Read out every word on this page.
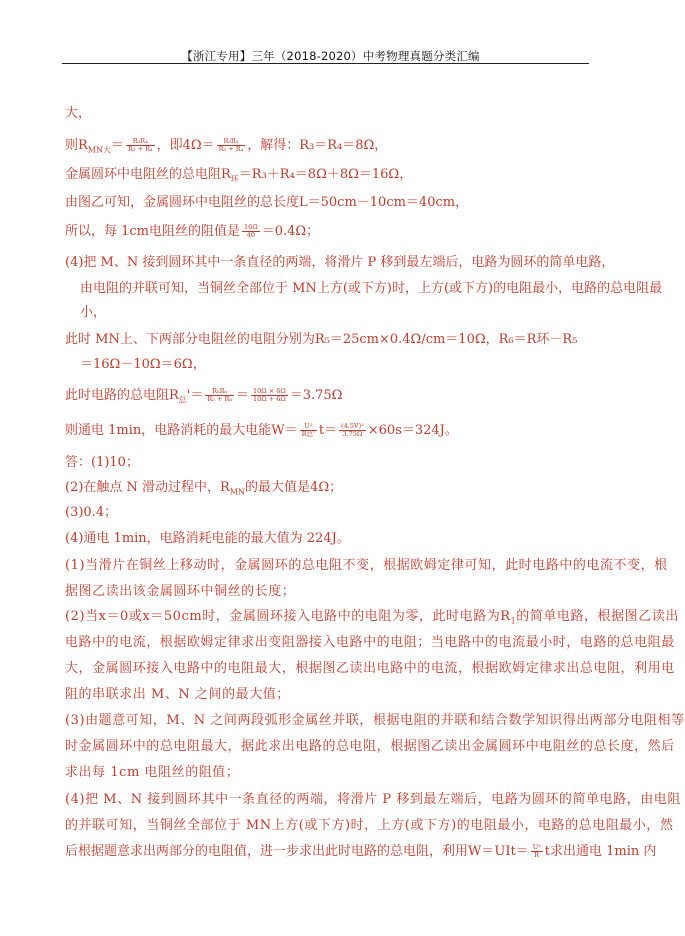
【浙江专用】三年（2018-2020）中考物理真题分类汇编
大，
则$R_{MN大}= \frac{\text{R₃R₄}}{\text{R₃ + R₄}}$ ，即$4\Omega= \frac{\text{R₃R₄}}{\text{R₃ + R₄}}$ ，解得：R₃＝R₄＝8Ω，
金属圆环中电阻丝的总电阻$R_环=R_3+R_4=8\Omega+8\Omega=16\Omega$，
由图乙可知，金属圆环中电阻丝的总长度L＝50cm－10cm＝40cm，
所以，每 1cm电阻丝的阻值是 $\frac{16\Omega}{40} =0.4\Omega$；
(4)把 M、N 接到圆环其中一条直径的两端，将滑片 P 移到最左端后，电路为圆环的简单电路，
由电阻的并联可知，当铜丝全部位于 MN上方(或下方)时，上方(或下方)的电阻最小，电路的总电阻最
小，
此时 MN上、下两部分电阻丝的电阻分别为R₅＝25cm×0.4Ω/cm＝10Ω，R₆＝R环－R₅
＝16Ω－10Ω＝6Ω，
此时电路的总电阻$R_总'= \frac{\text{R₅R₆}}{\text{R₅ + R₆}} = \frac{10\Omega \times 6\Omega}{10\Omega + 6\Omega} =3.75\Omega$
则通电 1min，电路消耗的最大电能$W= \frac{\text{U²}}{\text{R总'}} t= \frac{\text{(4.5V)²}}{3.75\Omega} \times 60s=324J$。
答：(1)10；
(2)在触点 N 滑动过程中，$R_{MN}$的最大值是4Ω；
(3)0.4；
(4)通电 1min，电路消耗电能的最大值为 224J。
(1)当滑片在铜丝上移动时，金属圆环的总电阻不变，根据欧姆定律可知，此时电路中的电流不变，根
据图乙读出该金属圆环中铜丝的长度；
(2)当x＝0或x＝50cm时，金属圆环接入电路中的电阻为零，此时电路为$R_1$的简单电路，根据图乙读出
电路中的电流，根据欧姆定律求出变阻器接入电路中的电阻；当电路中的电流最小时，电路的总电阻最
大，金属圆环接入电路中的电阻最大，根据图乙读出电路中的电流，根据欧姆定律求出总电阻，利用电
阻的串联求出 M、N 之间的最大值；
(3)由题意可知，M、N 之间两段弧形金属丝并联，根据电阻的并联和结合数学知识得出两部分电阻相等
时金属圆环中的总电阻最大，据此求出电路的总电阻，根据图乙读出金属圆环中电阻丝的总长度，然后
求出每 1cm 电阻丝的阻值；
(4)把 M、N 接到圆环其中一条直径的两端，将滑片 P 移到最左端后，电路为圆环的简单电路，由电阻
的并联可知，当铜丝全部位于 MN上方(或下方)时，上方(或下方)的电阻最小，电路的总电阻最小，然
后根据题意求出两部分的电阻值，进一步求出此时电路的总电阻，利用$W=UIt= \frac{\text{U²}}{R}$ t求出通电 1min 内
